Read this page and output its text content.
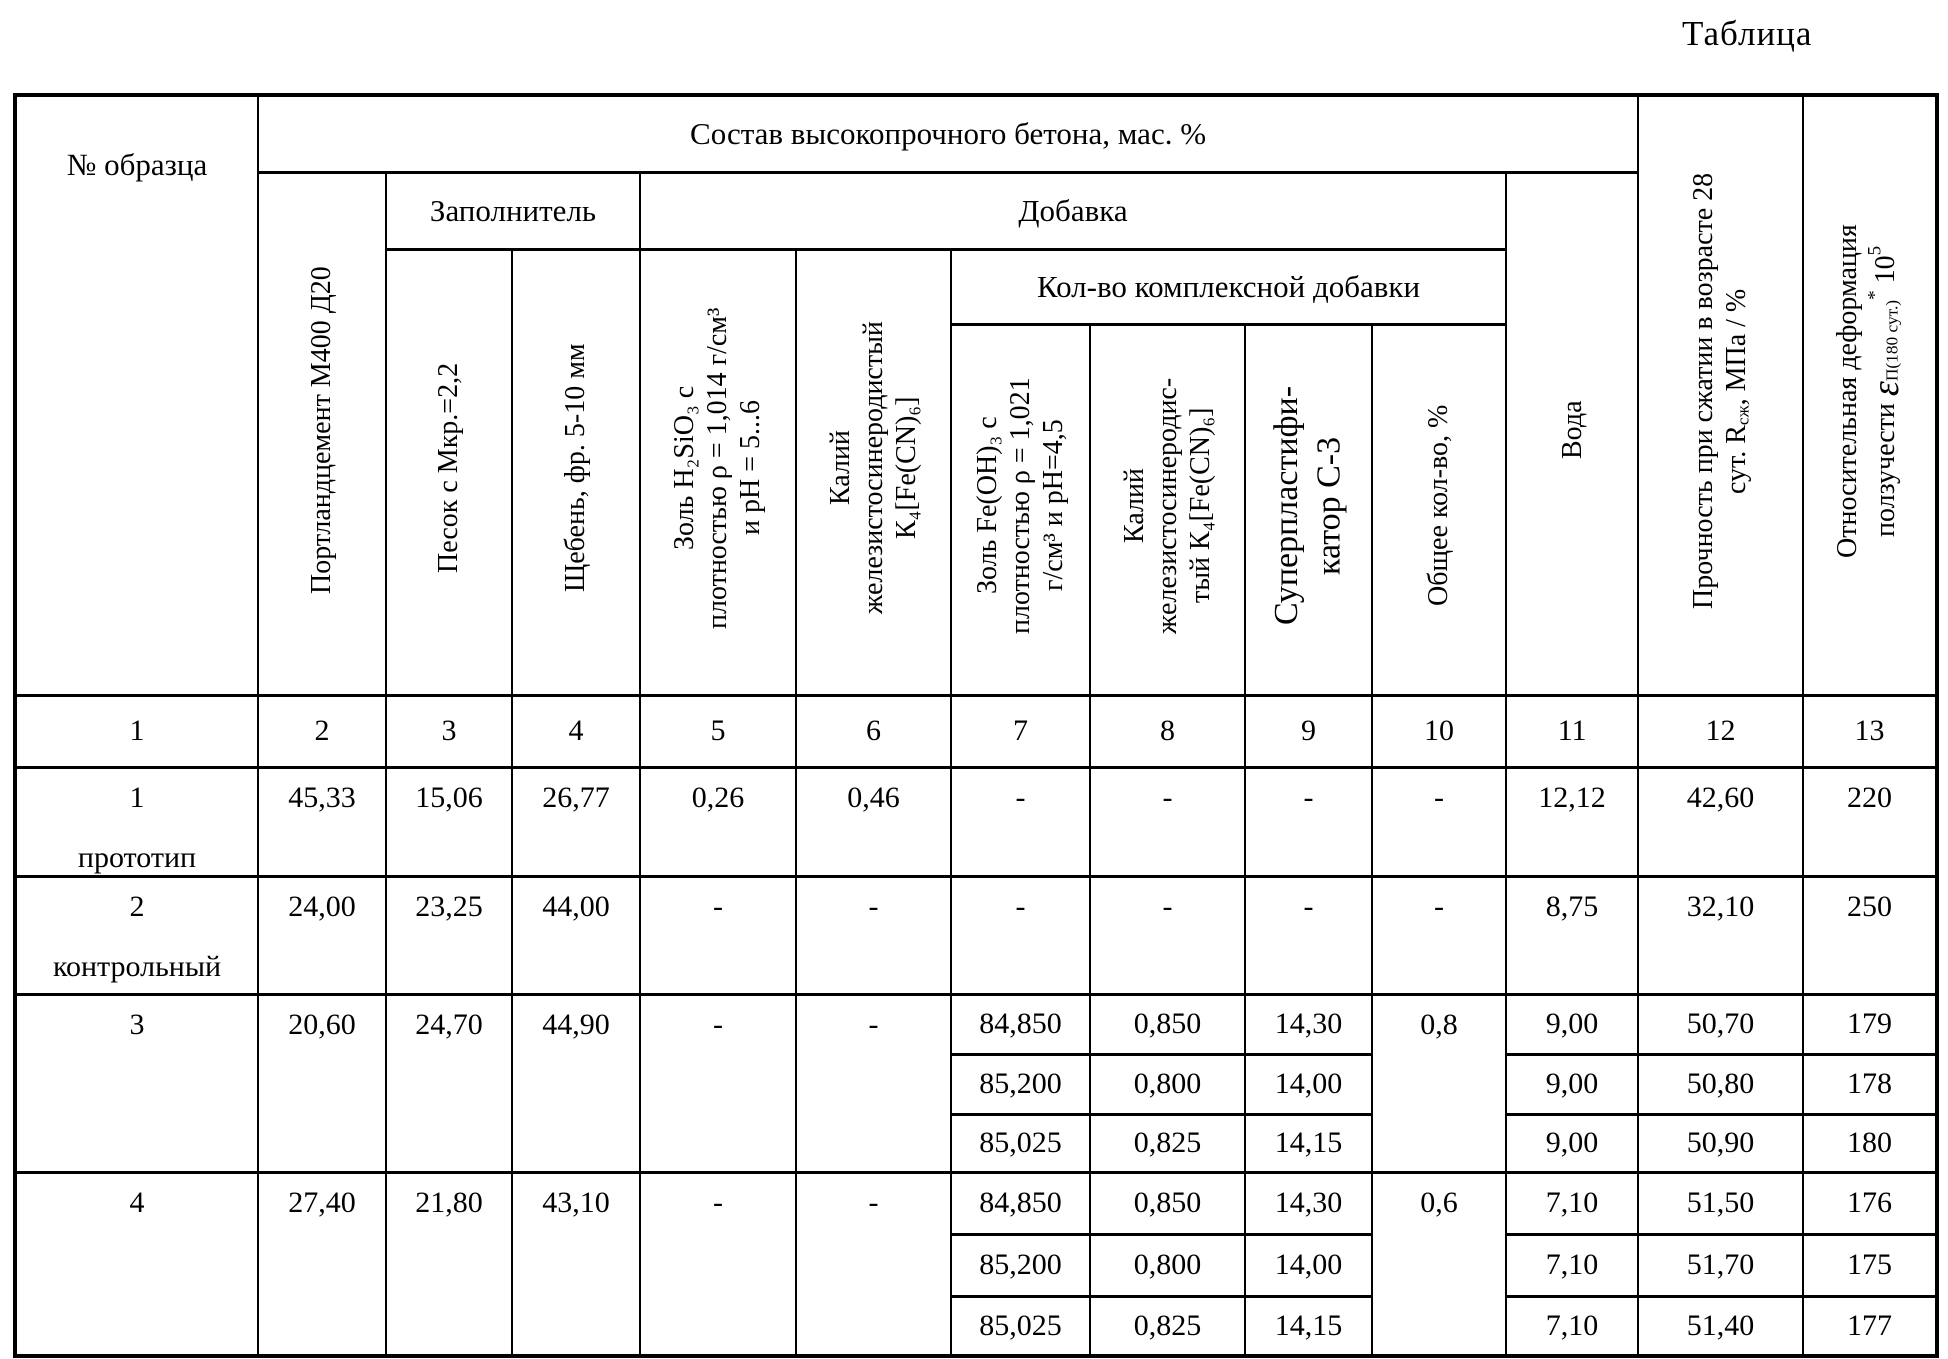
Таблица
№ образца	Состав высокопрочного бетона, мас. %										Прочность при сжатии в возрасте 28
сут. $R_{сж}$, МПа / %	Относительная деформация
ползучести $\varepsilon_{П(180 сут.)}^*$ $10^5$
	Портландцемент М400 Д20	Заполнитель		Добавка						Вода		
		Песок с Мкр.=2,2	Щебень, фр. 5-10 мм	Золь H₂SiO₃ с
плотностью ρ = 1,014 г/см³
и рН = 5...6	Калий
железистосинеродистый
К₄[Fe(CN)₆]	Кол-во комплексной добавки						
						Золь Fe(OH)₃ с
плотностью ρ = 1,021
г/см³ и рН=4,5	Калий
железистосинеродис-
тый К₄[Fe(CN)₆]	Суперпластифи-
катор С-3	Общее кол-во, %			
1	2	3	4	5	6	7	8	9	10	11	12	13

1
прототип	45,33	15,06	26,77	0,26	0,46	-	-	-	-	12,12	42,60	220

2
контрольный	24,00	23,25	44,00	-	-	-	-	-	-	8,75	32,10	250

3	20,60	24,70	44,90	-	-	84,850	0,850	14,30	0,8	9,00	50,70	179
						85,200	0,800	14,00		9,00	50,80	178
						85,025	0,825	14,15		9,00	50,90	180

4	27,40	21,80	43,10	-	-	84,850	0,850	14,30	0,6	7,10	51,50	176
						85,200	0,800	14,00		7,10	51,70	175
						85,025	0,825	14,15		7,10	51,40	177
